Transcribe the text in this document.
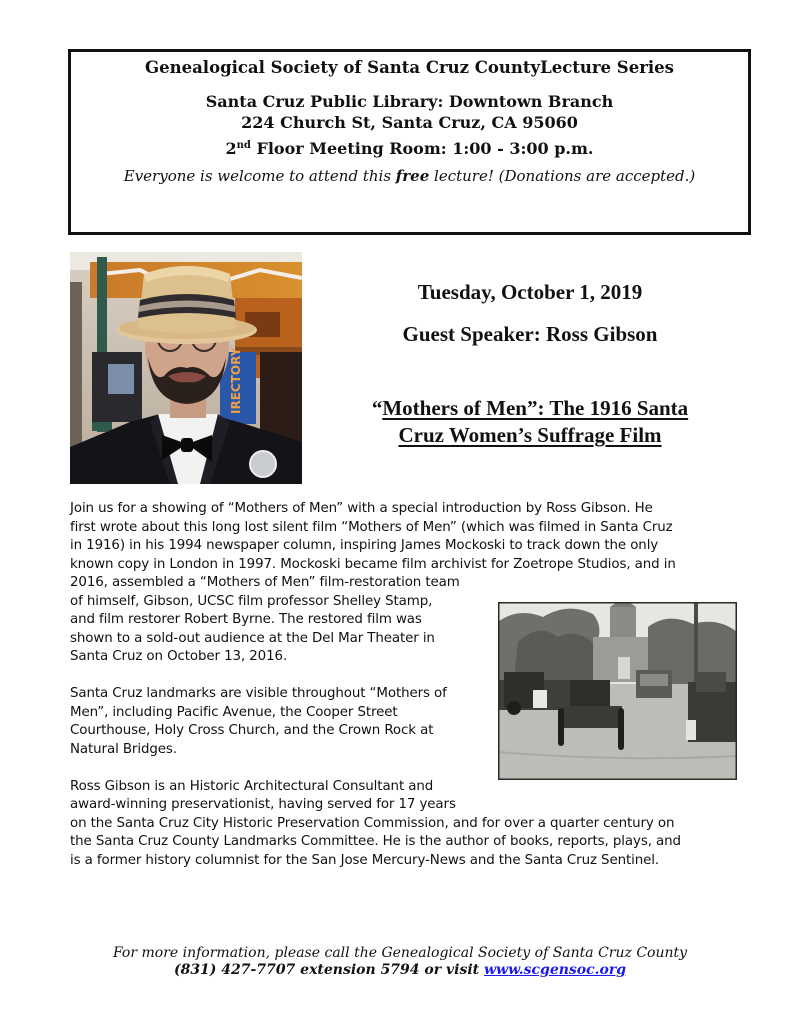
Genealogical Society of Santa Cruz CountyLecture Series
Santa Cruz Public Library: Downtown Branch
224 Church St, Santa Cruz, CA 95060
2nd Floor Meeting Room: 1:00 - 3:00 p.m.
Everyone is welcome to attend this free lecture! (Donations are accepted.)
IRECTORY
Tuesday, October 1, 2019
Guest Speaker: Ross Gibson
“Mothers of Men”: The 1916 Santa
Cruz Women’s Suffrage Film
Join us for a showing of “Mothers of Men” with a special introduction by Ross Gibson. He
first wrote about this long lost silent film “Mothers of Men” (which was filmed in Santa Cruz
in 1916) in his 1994 newspaper column, inspiring James Mockoski to track down the only
known copy in London in 1997. Mockoski became film archivist for Zoetrope Studios, and in
2016, assembled a “Mothers of Men” film-restoration team
of himself, Gibson, UCSC film professor Shelley Stamp,
and film restorer Robert Byrne. The restored film was
shown to a sold-out audience at the Del Mar Theater in
Santa Cruz on October 13, 2016.
Santa Cruz landmarks are visible throughout “Mothers of
Men”, including Pacific Avenue, the Cooper Street
Courthouse, Holy Cross Church, and the Crown Rock at
Natural Bridges.
Ross Gibson is an Historic Architectural Consultant and
award-winning preservationist, having served for 17 years
on the Santa Cruz City Historic Preservation Commission, and for over a quarter century on
the Santa Cruz County Landmarks Committee. He is the author of books, reports, plays, and
is a former history columnist for the San Jose Mercury-News and the Santa Cruz Sentinel.
For more information, please call the Genealogical Society of Santa Cruz County
(831) 427-7707 extension 5794 or visit www.scgensoc.org
